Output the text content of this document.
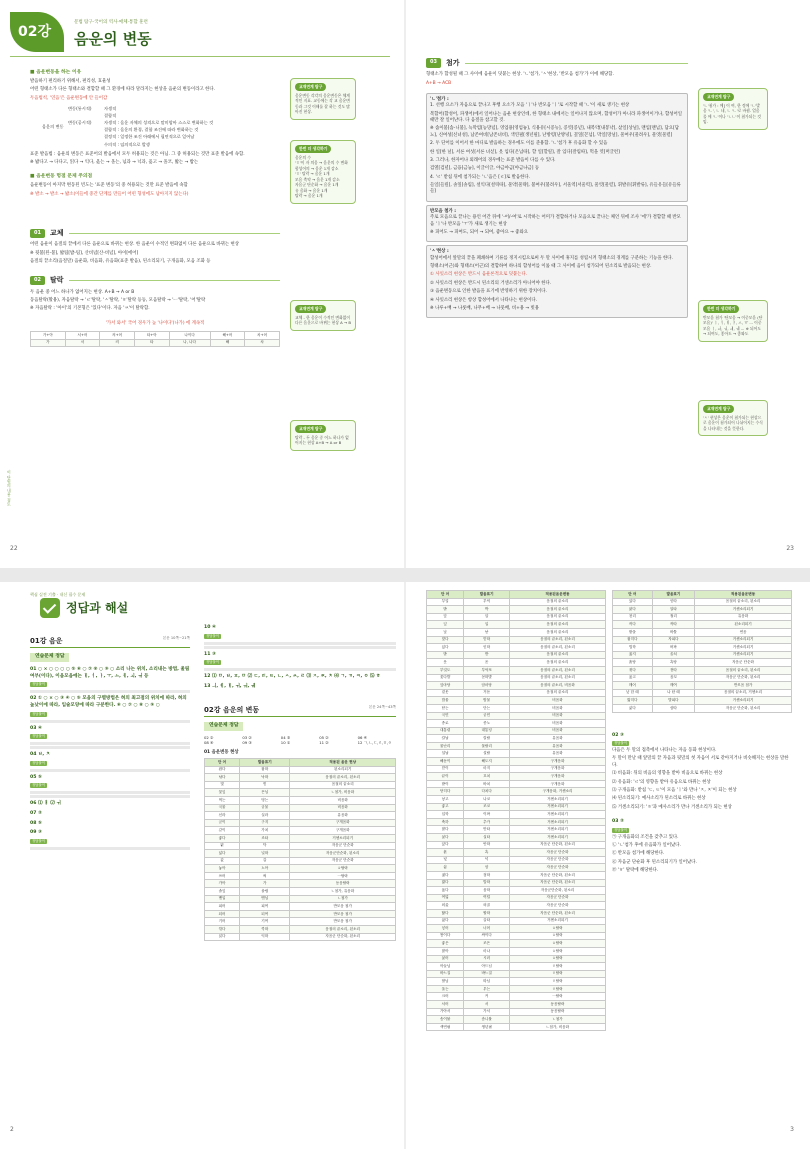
02강
문법 탐구·국어의 역사·매체·통합 훈련
음운의 변동
■ 음운변동을 하는 이유
발음하기 편리하기 위해서, 편리성, 효율성
어떤 형태소가 다른 형태소와 결합할 때 그 환경에 따라 달라지는 현상을 음운의 변동이라고 한다.
두음법칙, '연음'은 음운변동에 안 들어감
음운의 변동
변동(통시적)	자생적
결합적
변동(공시적)	자생적 : 음운 자체의 성격으로 말미암아 스스로 변화하는 것
결합적 : 음운의 환경, 결합 조건에 따라 변화하는 것
결정적 : 일정한 조건 아래에서 필연적으로 일어남
수의적 : 임의적으로 발생
표준 발음법 : 음운의 변동은 표준어의 발음에서 모두 허용되는 것은 아님. 그 중 허용되는 것만 표준 발음에 속함.
※ 밟다고 → 다다고, 읽다 → 익다, 옳는 → 올는, 넋과 → 넉과, 옳고 → 올코, 밟는 → 밥는
■ 음운변동 헝점 문제 주의점
음운변동이 아지막 변동된 빈도는 '표준 변동'의 중 허용되는 것만 표준 발음에 속함
※ 발소 → 발소 → 밟소(이들에 중간 단계를 만들어 어떤 형성에도 남아지지 않는다)
01	교체
어떤 음운이 음절의 끝에서 다른 음운으로 바뀌는 현상. 한 음운이 수적인 변화없이 다른 음운으로 바뀌는 현상
※ 뒷불[된-불], 밟팀[밥-팀], 산비념[산-비념], 아이[에어]
음절의 끝소리(음절말) 음운화, 비음화, 유음화(표준 발음), 된소리되기, 구개음화, 모음 조화 등
02	탈락
두 음운 중 어느 하나가 없어지는 현상. A+B → A or B
동음탈락(활용), 자음탈락 → 'ㄹ'탈락, 'ㅅ'탈락, 'ㅎ'탈락 등등, 모음탈락 → 'ㅡ'탈락, '어'탈락
※ 자음탈락 : '아이'의 기본형은 '있다'이다. 자음 'ㅆ'이 탈락함.
'가서 와서' 국어 경우가 높 '나이다'(나가) 에 계속적
가+아	서+어	켜+어	타+아	나이다	해+어	차+어
가	서	켜	타	나, 나다	해	차
교재연계 탐구
음운변동 각각의 음운변동은 체계적인 지표. 교동에는 각 교 음운변동과 그것 이해를 잘 하는 것도 많아진 현상.
한번 더 생각하기
음운의 수
'ㅎ'이 자 의음 → 음운의 수 변화
합성어의 → 음운 1개 감소
'ㅎ' 탈락 → 음운 1개
모음 축약 → 음운 1개 감소
자음군 단순화 → 음운 1개
유 음화 → 음운 1개
탈락 → 음운 1개
교재연계 탐구
교체 - 한 음운이 수적인 변화없이 다른 음운으로 바뀌는 현상 A → B
교재연계 탐구
탈락 - 두 음운 중 어느 하나가 없어지는 현상 A+B → A or B
이 단원의 내용 검토
22
03	첨가
형태소가 합성될 때 그 사이에 음운이 덧붙는 현상. 'ㄴ'첨가, 'ㅅ'현상, '반모음 첨가'가 이에 해당함.
A+B → ACB
'ㄴ'첨가 :
1. 선행 요소가 자음으로 끝나고 후행 요소가 모음 'ㅣ'나 반모음 'ㅣ'로 시작할 때 'ㄴ'이 새로 생기는 현상
복합어(합성어, 파생어)에서 일어나는 음운 현상인데, 한 형태소 내에서는 일어나지 않으며, 합성어가 아니라 파생어이거나, 합성어일 때만 잘 일어난다. 다 음절을 참고할 것.
※ 솜이불[솜-니불], 늑막염[능망념], 영업용[영엄뇽], 식용유[시굥뉴], 콩엿[콩녇], 내복약[내봉냑], 삯일[상닐], 맨입[맨닙], 담요[담뇨], 신여성[신녀성], 남존여비[남존녀비], 색연필[생년필], 난방령[난방녕], 꽃잎[꼰닙], 막일[망닐], 물여우[물려우], 물엿[물렫]
2. 두 단어를 이어서 한 마디로 발음하는 경우에도 이를 준용함. 'ㄴ'첨가 후 유음화 할 수 있음
한 일[한 닐], 서른 여섯[서른 녀섣], 옷 입다[온닙따], 할 일[할릴], 잘 입다[잘립따], 먹을 엿[머글련]
3. 그러나, 한자어나 외래어의 경우에는 표준 발음이 다를 수 있다.
검열[검녈], 금융[금늉], 이글이글, 야금야금[야금냐금] 등
4. 'ㄹ' 받침 뒤에 첨가되는 'ㄴ'음은 [ㄹ]로 발음한다.
들일[들릴], 솔잎[솔립], 설익다[설릭따], 물약[물략], 불여우[불려우], 서울역[서울력], 물엿[물렫], 휘발유[휘발류], 유들유들[유들류들]
반모음 첨가 :
주로 모음으로 끝나는 용언 어간 뒤에 '-어/-여'로 시작하는 어미가 결합하거나 모음으로 끝나는 체언 뒤에 조사 '에'가 결합할 때 반모음 'ㅣ'나 반모음 'ㅜ'가 새로 생기는 현상
※ 피어도 → 피여도, 되어 → 되여, 좋아요 → 좋와요
'ㅅ'현상 :
합성어에서 앞말의 끝을 폐쇄하여 기류를 정지시킴으로써 두 말 사이에 휴지를 성립시켜 형태소의 경계를 구분하는 기능을 한다.
형태소(어근)와 형태소(어근)의 결합하여 하나의 합성어를 이룰 때 그 사이에 음이 첨가되어 된소리로 발음되는 현상.
① 사잇소리 현상은 반드시 음운론적으로 덧붙는다.
② 사잇소리 현상은 반드시 된소리의 거센소리가 아니어야 한다.
③ 음운변동으로 인한 발음을 표기에 반영하기 위한 장치이다.
④ 사잇소리 현상은 항상 합성어에서 나타나는 현상이다.
※ 나루+배 → 나룻배, 나무+배 → 나뭇배, 비+용 → 빗용
교재연계 탐구
'ㄴ'첨가 : 예] 이 여, 한 정에 'ㄴ'발음 'ㄴ', ㄴ 네, ㄴ 'ㄴ'로 바뀜. 얼음물 에 'ㄴ'이나 'ㄴㄴ'이 첨가되는 것임.
한번 더 생각하기
반모음 첨가 '단모음 → 이중모음 (단모음)' ㅣ, ㅕ, ㅖ, ㅑ, ㅛ, ㅠ ... 이중모음 ㅣ, ㅘ, ㅝ, ㅙ, ㅞ ... ※ 되어도 → 되여도, 좋아도 → 좋와도
교재연계 탐구
'ㅅ' 현상은 음운이 첨가되는 현상으로 음운이 첨가되어 나뉘어지는 수식을 나타내는 것을 뜻한다.
23
핵심 실전 기출 · 내신 필수 문제
정답과 해설
01강 음운	본문 10쪽~21쪽
연습문제 정답
01 ○ × ○ ○ ○ ○ ⑤ ⑥ ○ ⑦ ⑧ ○ ⑨ ○ 소리 나는 위치, 소리내는 방법, 울림여부(이다), 이음모음에는 ㅐ, ㅓ, ㅏ, ㅜ, ㅗ, ㅔ, ㅚ, ㅟ 등
정답풀이
02 ① ○ × ○ ③ ④ ○ ⑤ 모음의 구별방법은 혀의 최고점의 위치에 따라, 혀의 높낮이에 따라, 입술모양에 따라 구분한다. ⑥ ○ ⑦ ○ ⑧ ○ ⑨ ○
정답풀이
03 ④
정답풀이
04 ㅂ, ㅊ
정답풀이
05 ⑤
정답풀이
06 ⑴ ㅐ ⑵ ㅟ
07 ②
08 ⑤
09 ③
정답풀이
10 ④
정답풀이
11 ③
정답풀이
12 ⑴ ㅁ, ㅂ, ㅍ, ㅁ ⑵ ㄷ, ㄸ, ㅌ, ㄴ, ㅅ, ㅆ, ㄹ ⑶ ㅈ, ㅉ, ㅊ ⑷ ㄱ, ㄲ, ㅋ, ㅇ ⑸ ㅎ
13 ㅢ, ㅖ, ㅒ, ㅟ, ㅝ, ㅞ
02강 음운의 변동	본문 24쪽~43쪽
연습문제 정답
02 ②	03 ②	04 ⑤	05 ②	06 ④
08 ⑥	09 ③	10 ①	11 ②	12 ㄱ,ㄴ,ㄷ,ㄹ,ㅁ,ㅇ
01 음운변동 현상
단 어	발음표기	적용된 음운 현상
잡다	잡따	된소리되기
낚다	낙따	음절의 끝소리, 된소리
빛	빋	음절의 끝소리
꽃잎	꼰닙	ㄴ첨가, 비음화
먹는	멍는	비음화
국물	궁물	비음화
신라	실라	유음화
굳이	구지	구개음화
같이	가치	구개음화
좋다	조타	거센소리되기
닭	닥	자음군 단순화
넓다	널따	자음군단순화, 된소리
값	갑	자음군 단순화
놓아	노아	ㅎ탈락
쓰어	써	ㅡ탈락
가아	가	동음탈락
솔잎	솔립	ㄴ첨가, 유음화
맨입	맨닙	ㄴ첨가
피어	피여	반모음 첨가
되어	되여	반모음 첨가
기어	기여	반모음 첨가
깎다	깍따	음절의 끝소리, 된소리
읽다	익따	자음군 단순화, 된소리
2
단 어	발음표기	적용된음운변동
부엌	부억	음절의 끝소리
밖	박	음절의 끝소리
앞	압	음절의 끝소리
잎	입	음절의 끝소리
낮	낟	음절의 끝소리
맞다	맏따	음절의 끝소리, 된소리
있다	읻따	음절의 끝소리, 된소리
밭	받	음절의 끝소리
옷	옫	음절의 끝소리
부엌도	부억또	음절의 끝소리, 된소리
꽃다발	꼳따발	음절의 끝소리, 된소리
앞마당	암마당	음절의 끝소리, 비음화
겉옷	거돋	음절의 끝소리
밥물	밤물	비음화
닫는	단는	비음화
국민	궁민	비음화
종로	종노	비음화
대통령	대통녕	비음화
칼날	칼랄	유음화
물난리	물랄리	유음화
설날	설랄	유음화
해돋이	해도지	구개음화
맏이	마지	구개음화
끝이	끄치	구개음화
밭이	바치	구개음화
닫히다	다치다	구개음화, 거센소리
낳고	나코	거센소리되기
좋고	조코	거센소리되기
입학	이팍	거센소리되기
축하	추카	거센소리되기
많다	만타	거센소리되기
싫다	실타	거센소리되기
앉다	안따	자음군 단순화, 된소리
흙	흑	자음군 단순화
넋	넉	자음군 단순화
삶	삼	자음군 단순화
젊다	점따	자음군 단순화, 된소리
밟다	밥따	자음군 단순화, 된소리
읊다	읍따	자음군단순화, 된소리
여덟	여덜	자음군 단순화
외곬	외골	자음군 단순화
핥다	할따	자음군 단순화, 된소리
끓다	끌타	거센소리되기
넣어	너어	ㅎ탈락
쌓이다	싸이다	ㅎ탈락
좋은	조은	ㅎ탈락
많아	마나	ㅎ탈락
싫어	시러	ㅎ탈락
아들님	아드님	ㄹ탈락
바느질	바느질	ㄹ탈락
딸님	따님	ㄹ탈락
울는	우는	ㄹ탈락
크어	커	ㅡ탈락
서어	서	동음탈락
가아서	가서	동음탈락
솜이불	솜니불	ㄴ첨가
색연필	생년필	ㄴ첨가, 비음화
단 어	발음표기	적용된음운변동
있다	읻따	음절의 끝소리, 된소리
앓다	알타	거센소리되기
천리	철리	유음화
작다	작따	된소리되기
밭을	바틀	연음
잡히다	자피다	거센소리되기
법학	버팍	거센소리되기
옳지	올치	거센소리되기
흙탕	흑탕	자음군 단순화
젖다	젇따	음절의 끝소리, 된소리
읊고	읍꼬	자음군 단순화, 된소리
깨어	깨여	반모음 첨가
낮 한 때	나 탄 때	음절의 끝소리, 거센소리
밟히다	발피다	거센소리되기
삶다	삼따	자음군 단순화, 된소리
02 ③
정답풀이
다음은 두 말의 접촉에서 나타나는 자음 동화 현상이다.
두 말이 만날 때 앞말의 끝 자음과 뒷말의 첫 자음이 서로 같아지거나 비슷해지는 현상을 말한다.
⑴ 비음화: 뒤의 비음의 영향을 받아 비음으로 바뀌는 현상
⑵ 유음화: 'ㄹ'의 영향을 받아 유음으로 바뀌는 현상
⑶ 구개음화: 받침 'ㄷ, ㅌ'이 모음 'ㅣ'와 만나 'ㅈ, ㅊ'이 되는 현상
⑷ 된소리되기: 예사소리가 된소리로 바뀌는 현상
⑸ 거센소리되기: 'ㅎ'과 예사소리가 만나 거센소리가 되는 현상
03 ②
정답풀이
㉠ 구개음화의 조건을 갖추고 있다.
㉡ 'ㄴ'첨가 후에 유음화가 일어났다.
㉢ 반모음 첨가에 해당한다.
㉣ 자음군 단순화 후 된소리되기가 일어났다.
㉤ 'ㅎ' 탈락에 해당한다.
3
